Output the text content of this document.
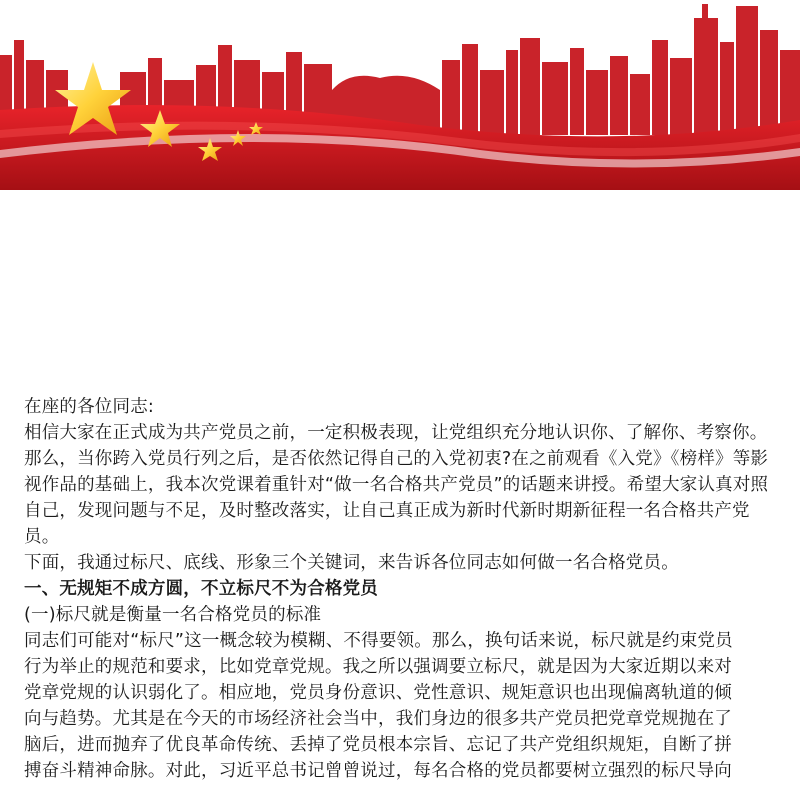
在座的各位同志:

相信大家在正式成为共产党员之前，一定积极表现，让党组织充分地认识你、了解你、考察你。那么，当你跨入党员行列之后，是否依然记得自己的入党初衷?在之前观看《入党》《榜样》等影视作品的基础上，我本次党课着重针对“做一名合格共产党员”的话题来讲授。希望大家认真对照自己，发现问题与不足，及时整改落实，让自己真正成为新时代新时期新征程一名合格共产党员。

下面，我通过标尺、底线、形象三个关键词，来告诉各位同志如何做一名合格党员。

一、无规矩不成方圆，不立标尺不为合格党员

(一)标尺就是衡量一名合格党员的标准

同志们可能对“标尺”这一概念较为模糊、不得要领。那么，换句话来说，标尺就是约束党员

行为举止的规范和要求，比如党章党规。我之所以强调要立标尺，就是因为大家近期以来对

党章党规的认识弱化了。相应地，党员身份意识、党性意识、规矩意识也出现偏离轨道的倾

向与趋势。尤其是在今天的市场经济社会当中，我们身边的很多共产党员把党章党规抛在了

脑后，进而抛弃了优良革命传统、丢掉了党员根本宗旨、忘记了共产党组织规矩，自断了拼

搏奋斗精神命脉。对此，习近平总书记曾曾说过，每名合格的党员都要树立强烈的标尺导向
